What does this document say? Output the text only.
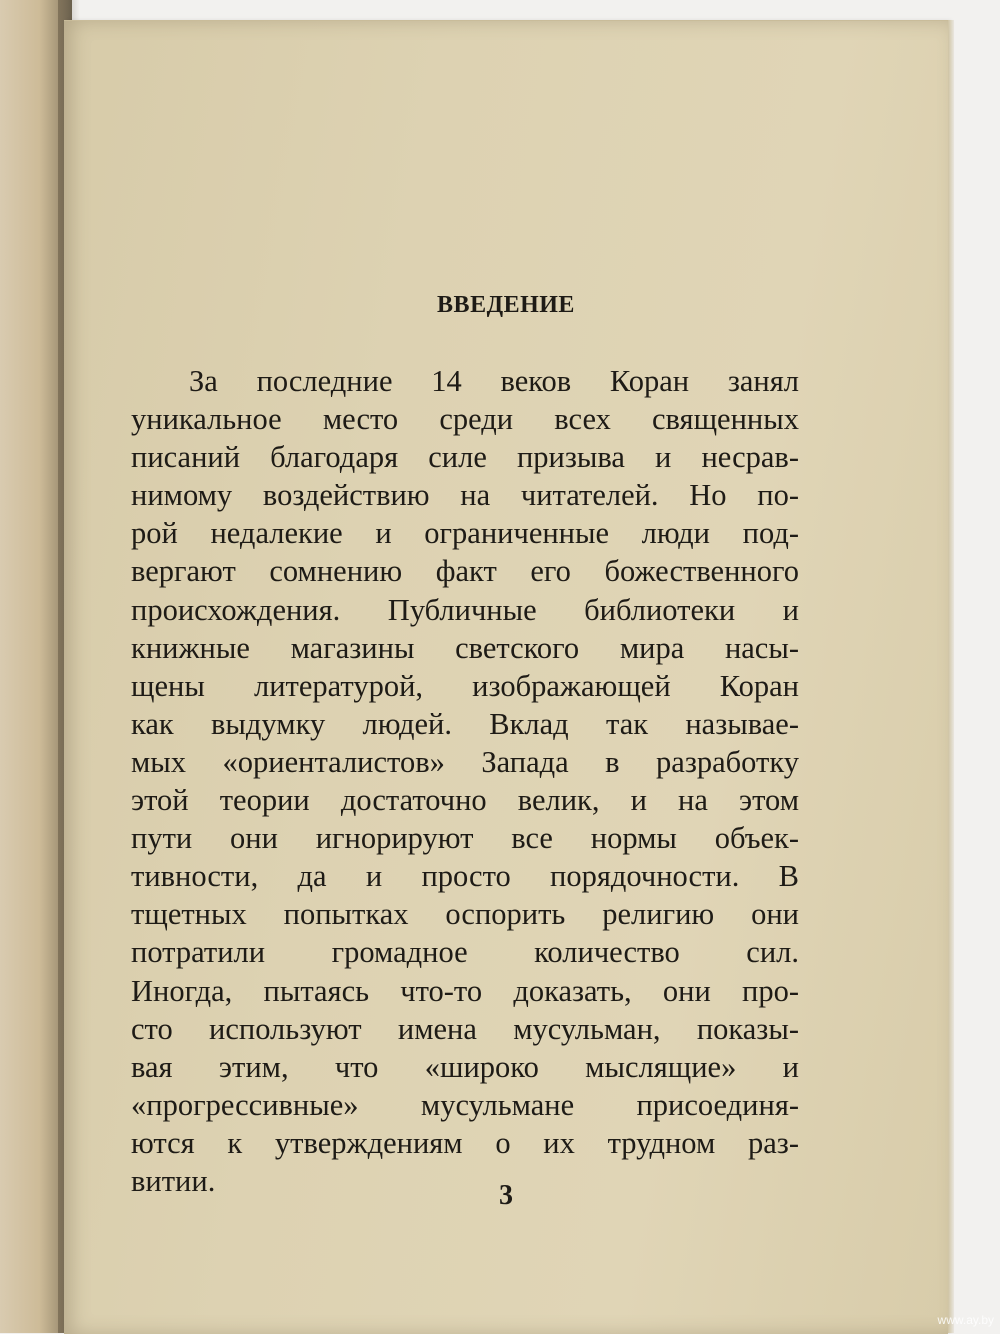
ВВЕДЕНИЕ
За последние 14 веков Коран занял
уникальное место среди всех священных
писаний благодаря силе призыва и несрав-
нимому воздействию на читателей. Но по-
рой недалекие и ограниченные люди под-
вергают сомнению факт его божественного
происхождения. Публичные библиотеки и
книжные магазины светского мира насы-
щены литературой, изображающей Коран
как выдумку людей. Вклад так называе-
мых «ориенталистов» Запада в разработку
этой теории достаточно велик, и на этом
пути они игнорируют все нормы объек-
тивности, да и просто порядочности. В
тщетных попытках оспорить религию они
потратили громадное количество сил.
Иногда, пытаясь что-то доказать, они про-
сто используют имена мусульман, показы-
вая этим, что «широко мыслящие» и
«прогрессивные» мусульмане присоединя-
ются к утверждениям о их трудном раз-
витии.	3
www.ay.by
